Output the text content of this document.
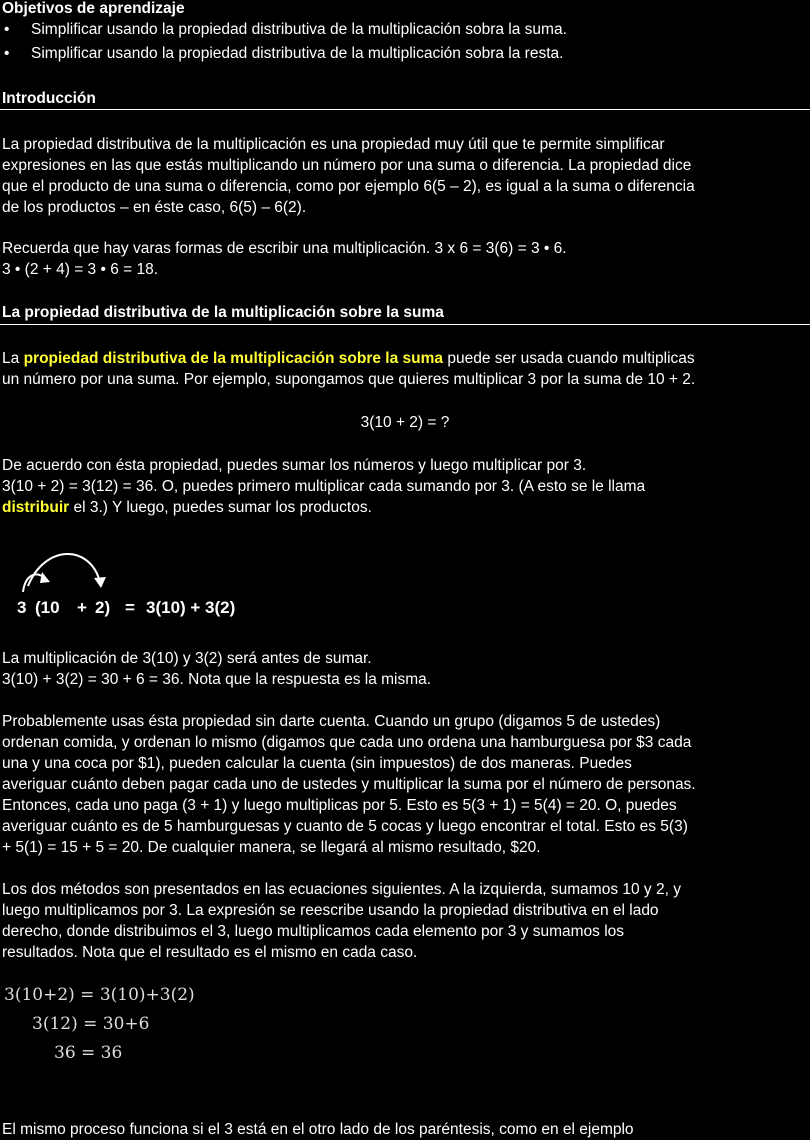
Objetivos de aprendizaje
• Simplificar usando la propiedad distributiva de la multiplicación sobra la suma.
• Simplificar usando la propiedad distributiva de la multiplicación sobra la resta.
Introducción
La propiedad distributiva de la multiplicación es una propiedad muy útil que te permite simplificar
expresiones en las que estás multiplicando un número por una suma o diferencia. La propiedad dice
que el producto de una suma o diferencia, como por ejemplo 6(5 – 2), es igual a la suma o diferencia
de los productos – en éste caso, 6(5) – 6(2).
Recuerda que hay varas formas de escribir una multiplicación. 3 x 6 = 3(6) = 3 • 6.
3 • (2 + 4) = 3 • 6 = 18.
La propiedad distributiva de la multiplicación sobre la suma
La propiedad distributiva de la multiplicación sobre la suma puede ser usada cuando multiplicas
un número por una suma. Por ejemplo, supongamos que quieres multiplicar 3 por la suma de 10 + 2.
3(10 + 2) = ?
De acuerdo con ésta propiedad, puedes sumar los números y luego multiplicar por 3.
3(10 + 2) = 3(12) = 36. O, puedes primero multiplicar cada sumando por 3. (A esto se le llama
distribuir el 3.) Y luego, puedes sumar los productos.
3 (10 + 2) = 3(10) + 3(2)
La multiplicación de 3(10) y 3(2) será antes de sumar.
3(10) + 3(2) = 30 + 6 = 36. Nota que la respuesta es la misma.
Probablemente usas ésta propiedad sin darte cuenta. Cuando un grupo (digamos 5 de ustedes)
ordenan comida, y ordenan lo mismo (digamos que cada uno ordena una hamburguesa por $3 cada
una y una coca por $1), pueden calcular la cuenta (sin impuestos) de dos maneras. Puedes
averiguar cuánto deben pagar cada uno de ustedes y multiplicar la suma por el número de personas.
Entonces, cada uno paga (3 + 1) y luego multiplicas por 5. Esto es 5(3 + 1) = 5(4) = 20. O, puedes
averiguar cuánto es de 5 hamburguesas y cuanto de 5 cocas y luego encontrar el total. Esto es 5(3)
+ 5(1) = 15 + 5 = 20. De cualquier manera, se llegará al mismo resultado, $20.
Los dos métodos son presentados en las ecuaciones siguientes. A la izquierda, sumamos 10 y 2, y
luego multiplicamos por 3. La expresión se reescribe usando la propiedad distributiva en el lado
derecho, donde distribuimos el 3, luego multiplicamos cada elemento por 3 y sumamos los
resultados. Nota que el resultado es el mismo en cada caso.
3(10+2) = 3(10)+3(2)
3(12) = 30+6
36 = 36
El mismo proceso funciona si el 3 está en el otro lado de los paréntesis, como en el ejemplo
